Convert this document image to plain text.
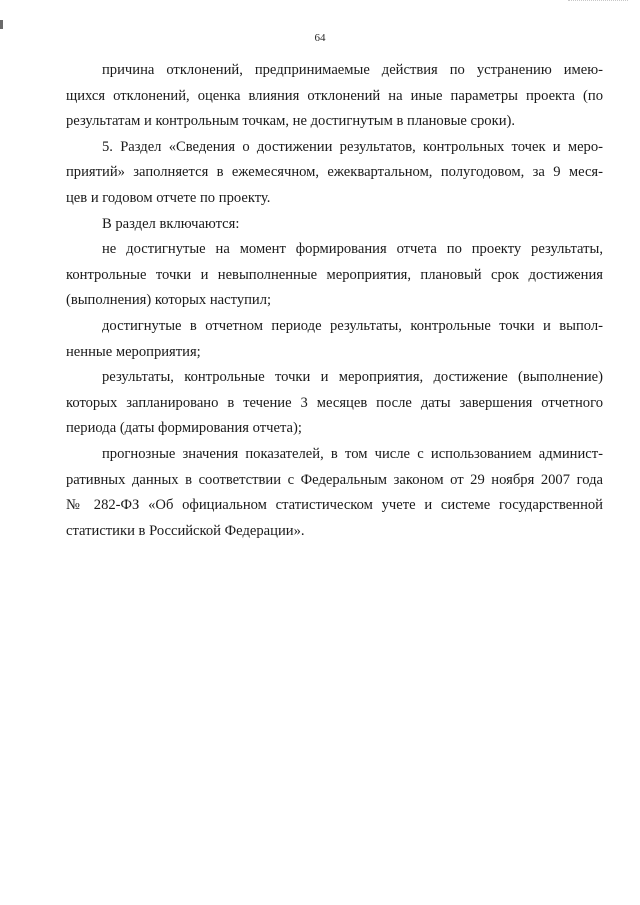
64
причина отклонений, предпринимаемые действия по устранению имею-
щихся отклонений, оценка влияния отклонений на иные параметры проекта (по
результатам и контрольным точкам, не достигнутым в плановые сроки).
5. Раздел «Сведения о достижении результатов, контрольных точек и меро-
приятий» заполняется в ежемесячном, ежеквартальном, полугодовом, за 9 меся-
цев и годовом отчете по проекту.
В раздел включаются:
не достигнутые на момент формирования отчета по проекту результаты,
контрольные точки и невыполненные мероприятия, плановый срок достижения
(выполнения) которых наступил;
достигнутые в отчетном периоде результаты, контрольные точки и выпол-
ненные мероприятия;
результаты, контрольные точки и мероприятия, достижение (выполнение)
которых запланировано в течение 3 месяцев после даты завершения отчетного
периода (даты формирования отчета);
прогнозные значения показателей, в том числе с использованием админист-
ративных данных в соответствии с Федеральным законом от 29 ноября 2007 года
№ 282-ФЗ «Об официальном статистическом учете и системе государственной
статистики в Российской Федерации».
